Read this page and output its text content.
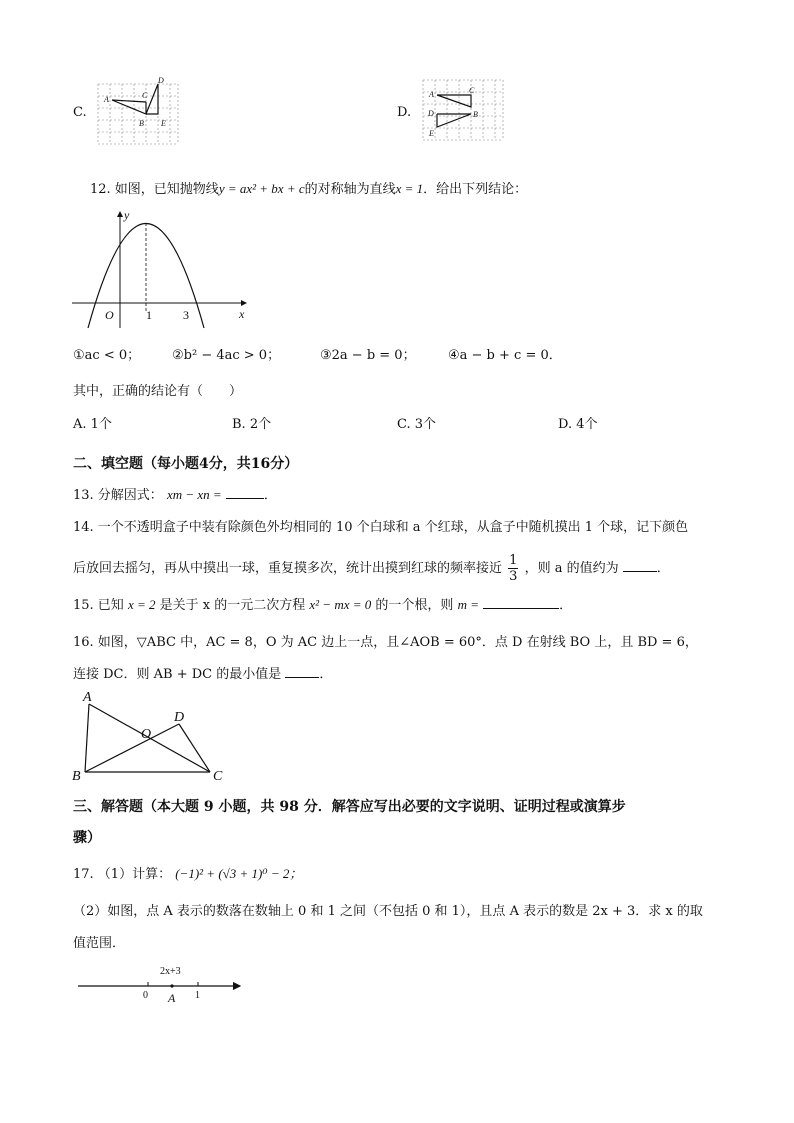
C.
A
B
C
D
E
D.
A
B
C
D
E
12. 如图，已知抛物线y = ax² + bx + c的对称轴为直线x = 1．给出下列结论：
y
x
O	1	3
①ac < 0； ②b² − 4ac > 0；	③2a − b = 0； ④a − b + c = 0．
其中，正确的结论有（　　）
A. 1个	B. 2个	C. 3个	D. 4个
二、填空题（每小题4分，共16分）
13. 分解因式： xm − xn =	．
14. 一个不透明盒子中装有除颜色外均相同的 10 个白球和 a 个红球，从盒子中随机摸出 1 个球，记下颜色
后放回去摇匀，再从中摸出一球，重复摸多次，统计出摸到红球的频率接近 $\frac{1}{3}$ ，则 a 的值约为	．
15. 已知 x = 2 是关于 x 的一元二次方程 x² − mx = 0 的一个根，则 m =	．
16. 如图，▽ABC 中，AC = 8，O 为 AC 边上一点，且∠AOB = 60°．点 D 在射线 BO 上，且 BD = 6，
连接 DC．则 AB + DC 的最小值是	．
A
B	C
D
O
三、解答题（本大题 9 小题，共 98 分．解答应写出必要的文字说明、证明过程或演算步
骤）
17. （1）计算： (−1)² + (√3 + 1)⁰ − 2；
（2）如图，点 A 表示的数落在数轴上 0 和 1 之间（不包括 0 和 1），且点 A 表示的数是 2x + 3．求 x 的取
值范围．
2x+3
0	1
A
